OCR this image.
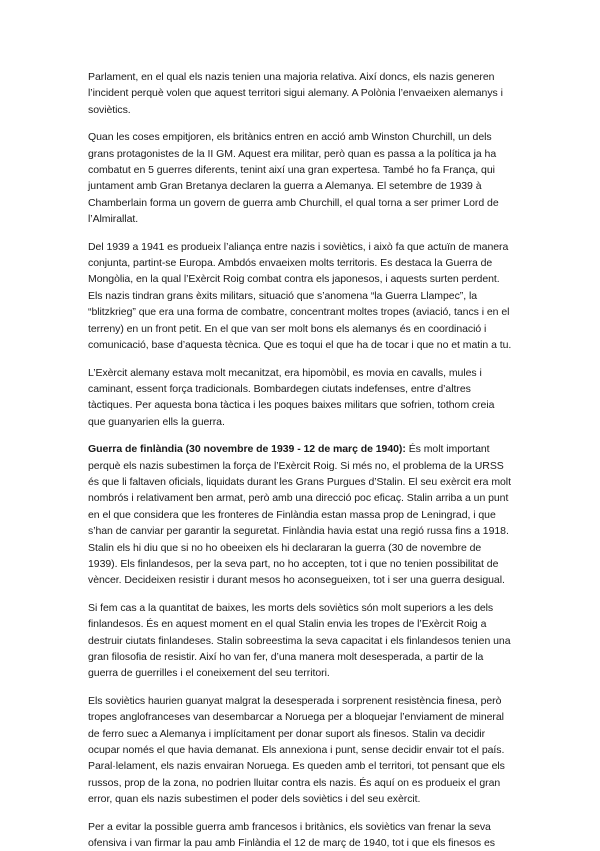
Parlament, en el qual els nazis tenien una majoria relativa. Així doncs, els nazis generen l’incident perquè volen que aquest territori sigui alemany. A Polònia l’envaeixen alemanys i soviètics.

Quan les coses empitjoren, els britànics entren en acció amb Winston Churchill, un dels grans protagonistes de la II GM. Aquest era militar, però quan es passa a la política ja ha combatut en 5 guerres diferents, tenint així una gran expertesa. També ho fa França, qui juntament amb Gran Bretanya declaren la guerra a Alemanya. El setembre de 1939 à Chamberlain forma un govern de guerra amb Churchill, el qual torna a ser primer Lord de l’Almirallat.

Del 1939 a 1941 es produeix l’aliança entre nazis i soviètics, i això fa que actuïn de manera conjunta, partint-se Europa. Ambdós envaeixen molts territoris. Es destaca la Guerra de Mongòlia, en la qual l’Exèrcit Roig combat contra els japonesos, i aquests surten perdent. Els nazis tindran grans èxits militars, situació que s’anomena “la Guerra Llampec”, la “blitzkrieg” que era una forma de combatre, concentrant moltes tropes (aviació, tancs i en el terreny) en un front petit. En el que van ser molt bons els alemanys és en coordinació i comunicació, base d’aquesta tècnica. Que es toqui el que ha de tocar i que no et matin a tu.

L’Exèrcit alemany estava molt mecanitzat, era hipomòbil, es movia en cavalls, mules i caminant, essent força tradicionals. Bombardegen ciutats indefenses, entre d’altres tàctiques. Per aquesta bona tàctica i les poques baixes militars que sofrien, tothom creia que guanyarien ells la guerra.

Guerra de finlàndia (30 novembre de 1939 - 12 de març de 1940): És molt important perquè els nazis subestimen la força de l’Exèrcit Roig. Si més no, el problema de la URSS és que li faltaven oficials, liquidats durant les Grans Purgues d’Stalin. El seu exèrcit era molt nombrós i relativament ben armat, però amb una direcció poc eficaç. Stalin arriba a un punt en el que considera que les fronteres de Finlàndia estan massa prop de Leningrad, i que s’han de canviar per garantir la seguretat. Finlàndia havia estat una regió russa fins a 1918. Stalin els hi diu que si no ho obeeixen els hi declararan la guerra (30 de novembre de 1939). Els finlandesos, per la seva part, no ho accepten, tot i que no tenien possibilitat de vèncer. Decideixen resistir i durant mesos ho aconsegueixen, tot i ser una guerra desigual.

Si fem cas a la quantitat de baixes, les morts dels soviètics són molt superiors a les dels finlandesos. És en aquest moment en el qual Stalin envia les tropes de l’Exèrcit Roig a destruir ciutats finlandeses. Stalin sobreestima la seva capacitat i els finlandesos tenien una gran filosofia de resistir. Així ho van fer, d’una manera molt desesperada, a partir de la guerra de guerrilles i el coneixement del seu territori.

Els soviètics haurien guanyat malgrat la desesperada i sorprenent resistència finesa, però tropes anglofranceses van desembarcar a Noruega per a bloquejar l’enviament de mineral de ferro suec a Alemanya i implícitament per donar suport als finesos. Stalin va decidir ocupar només el que havia demanat. Els annexiona i punt, sense decidir envair tot el país. Paral·lelament, els nazis envairan Noruega. Es queden amb el territori, tot pensant que els russos, prop de la zona, no podrien lluitar contra els nazis. És aquí on es produeix el gran error, quan els nazis subestimen el poder dels soviètics i del seu exèrcit.

Per a evitar la possible guerra amb francesos i britànics, els soviètics van frenar la seva ofensiva i van firmar la pau amb Finlàndia el 12 de març de 1940, tot i que els finesos es
